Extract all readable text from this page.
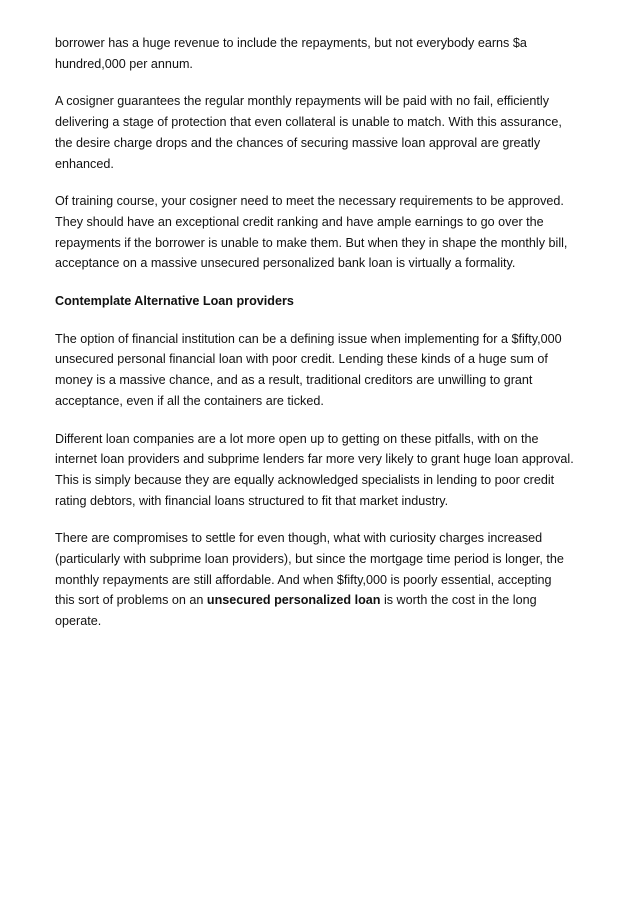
borrower has a huge revenue to include the repayments, but not everybody earns $a
hundred,000 per annum.

A cosigner guarantees the regular monthly repayments will be paid with no fail, efficiently
delivering a stage of protection that even collateral is unable to match. With this assurance,
the desire charge drops and the chances of securing massive loan approval are greatly
enhanced.

Of training course, your cosigner need to meet the necessary requirements to be approved.
They should have an exceptional credit ranking and have ample earnings to go over the
repayments if the borrower is unable to make them. But when they in shape the monthly bill,
acceptance on a massive unsecured personalized bank loan is virtually a formality.

Contemplate Alternative Loan providers

The option of financial institution can be a defining issue when implementing for a $fifty,000
unsecured personal financial loan with poor credit. Lending these kinds of a huge sum of
money is a massive chance, and as a result, traditional creditors are unwilling to grant
acceptance, even if all the containers are ticked.

Different loan companies are a lot more open up to getting on these pitfalls, with on the
internet loan providers and subprime lenders far more very likely to grant huge loan approval.
This is simply because they are equally acknowledged specialists in lending to poor credit
rating debtors, with financial loans structured to fit that market industry.

There are compromises to settle for even though, what with curiosity charges increased
(particularly with subprime loan providers), but since the mortgage time period is longer, the
monthly repayments are still affordable. And when $fifty,000 is poorly essential, accepting
this sort of problems on an unsecured personalized loan is worth the cost in the long
operate.
